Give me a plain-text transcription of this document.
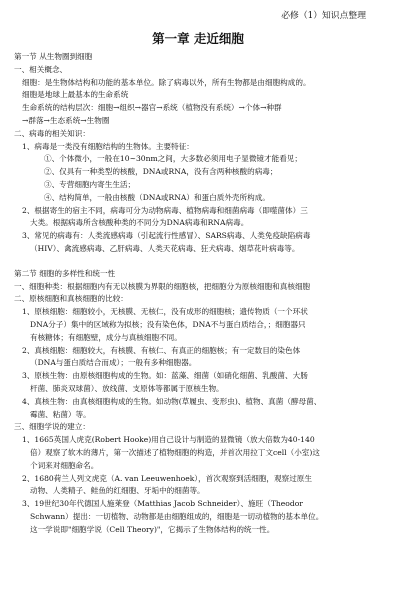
必修（1）知识点整理
第一章 走近细胞
第一节 从生物圈到细胞
一、相关概念、
细胞：是生物体结构和功能的基本单位。除了病毒以外，所有生物都是由细胞构成的。
细胞是地球上最基本的生命系统
生命系统的结构层次：细胞→组织→器官→系统（植物没有系统）→个体→种群
→群落→生态系统→生物圈
二、病毒的相关知识：
1、病毒是一类没有细胞结构的生物体。主要特征：
①、个体微小，一般在10~30nm之间，大多数必须用电子显微镜才能看见；
②、仅具有一种类型的核酸，DNA或RNA，没有含两种核酸的病毒；
③、专营细胞内寄生生活；
④、结构简单，一般由核酸（DNA或RNA）和蛋白质外壳所构成。
2、根据寄生的宿主不同，病毒可分为动物病毒、植物病毒和细菌病毒（即噬菌体）三
大类。根据病毒所含核酸种类的不同分为DNA病毒和RNA病毒。
3、常见的病毒有：人类流感病毒（引起流行性感冒）、SARS病毒、人类免疫缺陷病毒
（HIV）、禽流感病毒、乙肝病毒、人类天花病毒、狂犬病毒、烟草花叶病毒等。
第二节 细胞的多样性和统一性
一、细胞种类：根据细胞内有无以核膜为界限的细胞核，把细胞分为原核细胞和真核细胞
二、原核细胞和真核细胞的比较：
1、原核细胞：细胞较小，无核膜、无核仁，没有成形的细胞核；遗传物质（一个环状
DNA分子）集中的区域称为拟核；没有染色体，DNA不与蛋白质结合，；细胞器只
有核糖体；有细胞壁，成分与真核细胞不同。
2、真核细胞：细胞较大，有核膜、有核仁、有真正的细胞核；有一定数目的染色体
（DNA与蛋白质结合而成）；一般有多种细胞器。
3、原核生物：由原核细胞构成的生物。如：蓝藻、细菌（如硝化细菌、乳酸菌、大肠
杆菌、肺炎双球菌）、放线菌、支原体等都属于原核生物。
4、真核生物：由真核细胞构成的生物。如动物(草履虫、变形虫)、植物、真菌（酵母菌、
霉菌、粘菌）等。
三、细胞学说的建立：
1、1665英国人虎克(Robert Hooke)用自己设计与制造的显微镜（放大倍数为40-140
倍）观察了软木的薄片，第一次描述了植物细胞的构造，并首次用拉丁文cell（小室)这
个词来对细胞命名。
2、1680荷兰人列文虎克（A. van Leeuwenhoek），首次观察到活细胞，观察过原生
动物、人类精子、鲑鱼的红细胞、牙垢中的细菌等。
3、19世纪30年代德国人施莱登（Matthias Jacob Schneider）、施旺（Theodor
Schwann）提出：一切植物、动物都是由细胞组成的，细胞是一切动植物的基本单位。
这一学说即"细胞学说（Cell Theory)"，它揭示了生物体结构的统一性。
